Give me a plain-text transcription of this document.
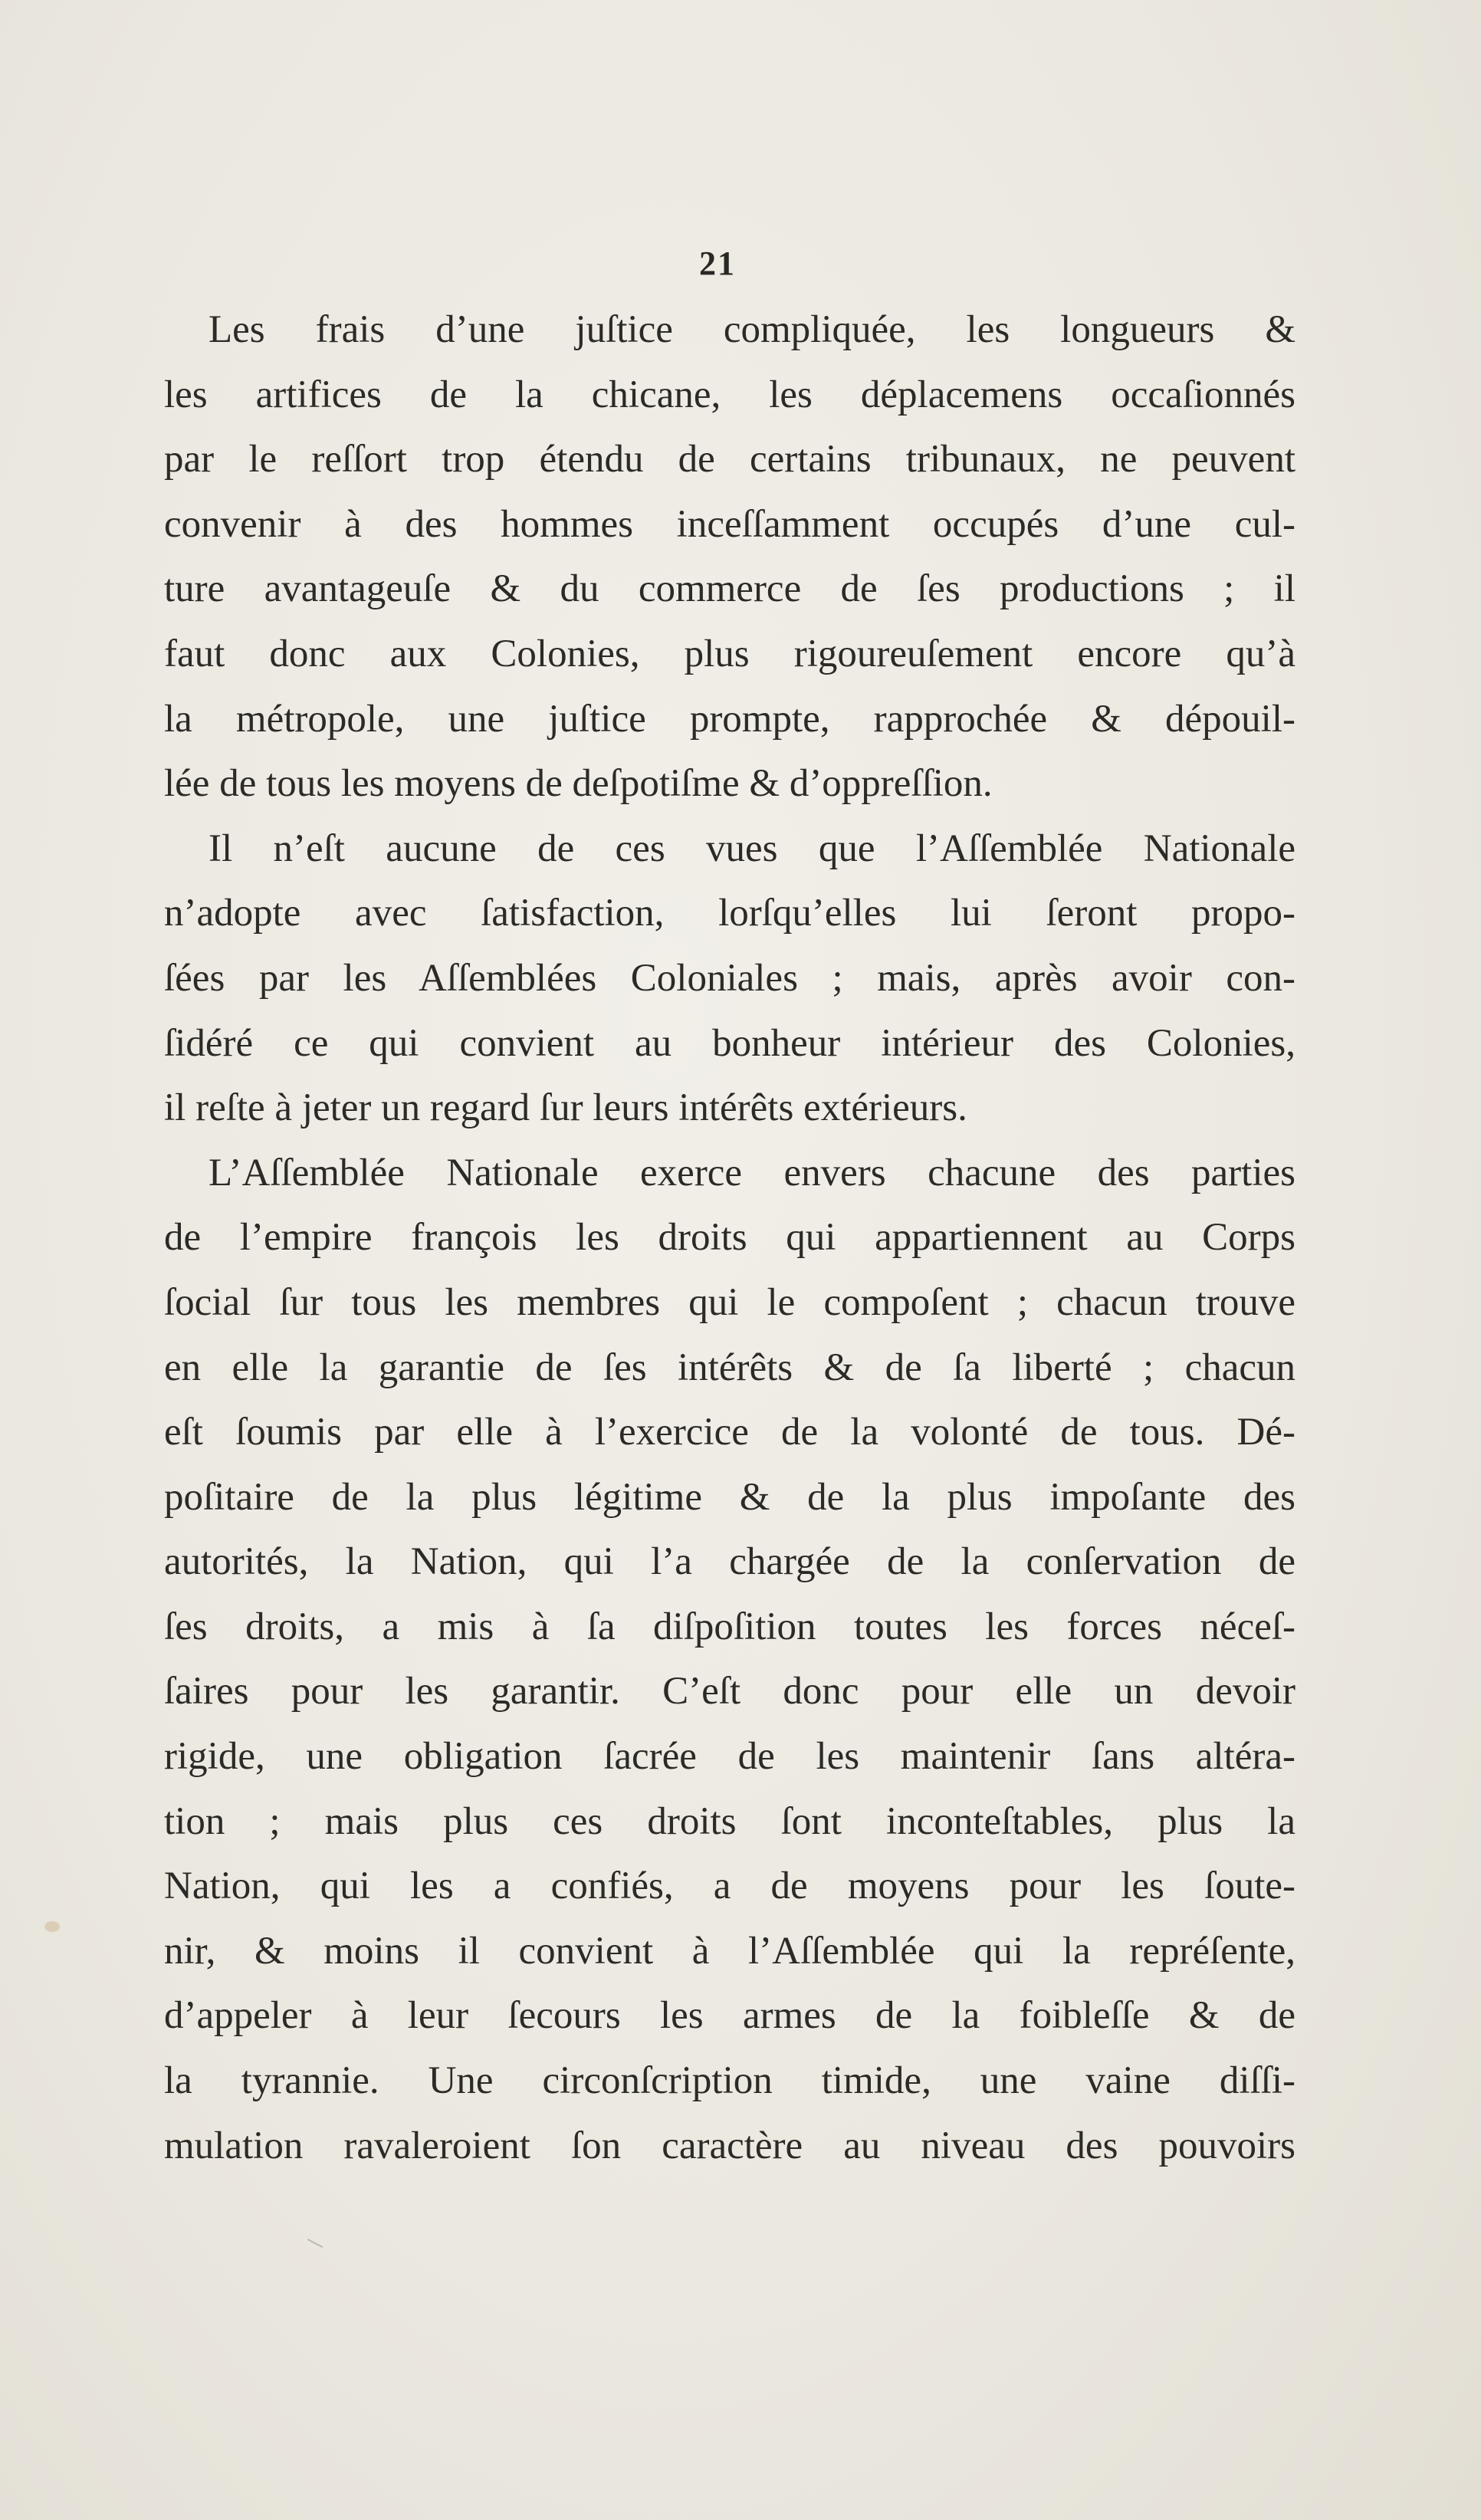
21
Les frais d’une juſtice compliquée, les longueurs &
les artifices de la chicane, les déplacemens occaſionnés
par le reſſort trop étendu de certains tribunaux, ne peuvent
convenir à des hommes inceſſamment occupés d’une cul-
ture avantageuſe & du commerce de ſes productions ; il
faut donc aux Colonies, plus rigoureuſement encore qu’à
la métropole, une juſtice prompte, rapprochée & dépouil-
lée de tous les moyens de deſpotiſme & d’oppreſſion.
Il n’eſt aucune de ces vues que l’Aſſemblée Nationale
n’adopte avec ſatisfaction, lorſqu’elles lui ſeront propo-
ſées par les Aſſemblées Coloniales ; mais, après avoir con-
ſidéré ce qui convient au bonheur intérieur des Colonies,
il reſte à jeter un regard ſur leurs intérêts extérieurs.
L’Aſſemblée Nationale exerce envers chacune des parties
de l’empire françois les droits qui appartiennent au Corps
ſocial ſur tous les membres qui le compoſent ; chacun trouve
en elle la garantie de ſes intérêts & de ſa liberté ; chacun
eſt ſoumis par elle à l’exercice de la volonté de tous. Dé-
poſitaire de la plus légitime & de la plus impoſante des
autorités, la Nation, qui l’a chargée de la conſervation de
ſes droits, a mis à ſa diſpoſition toutes les forces néceſ-
ſaires pour les garantir. C’eſt donc pour elle un devoir
rigide, une obligation ſacrée de les maintenir ſans altéra-
tion ; mais plus ces droits ſont inconteſtables, plus la
Nation, qui les a confiés, a de moyens pour les ſoute-
nir, & moins il convient à l’Aſſemblée qui la repréſente,
d’appeler à leur ſecours les armes de la foibleſſe & de
la tyrannie. Une circonſcription timide, une vaine diſſi-
mulation ravaleroient ſon caractère au niveau des pouvoirs
